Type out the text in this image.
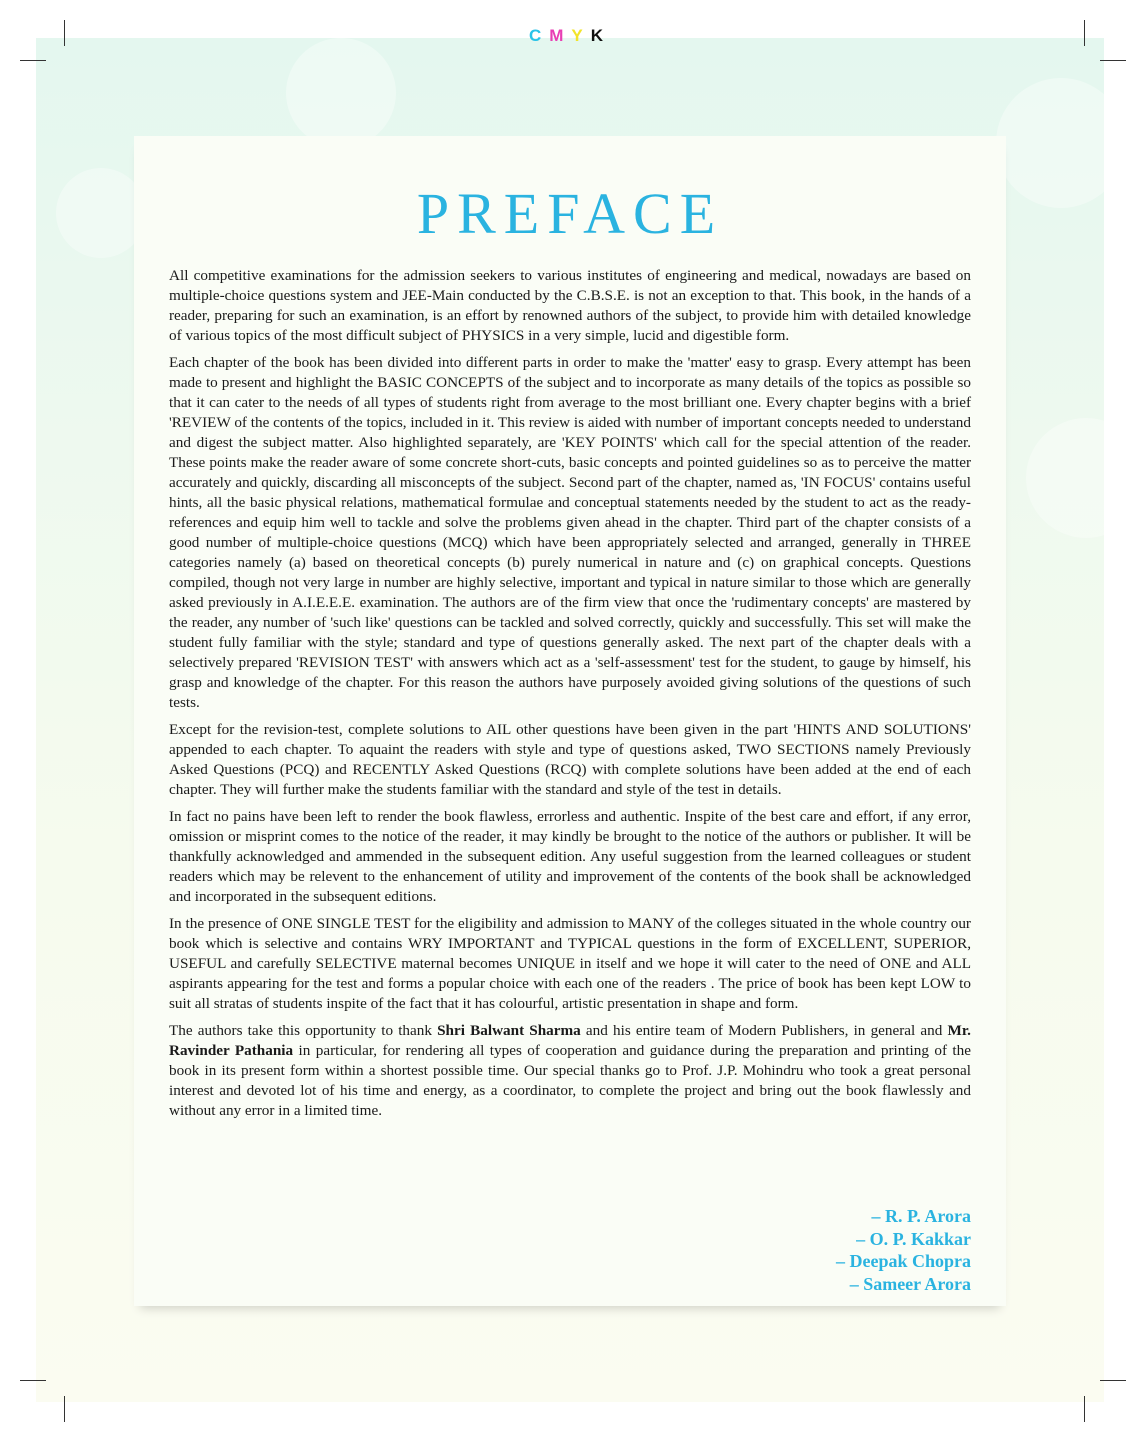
CMYK
PREFACE

All competitive examinations for the admission seekers to various institutes of engineering and medical, nowadays are based on multiple-choice questions system and JEE-Main conducted by the C.B.S.E. is not an exception to that. This book, in the hands of a reader, preparing for such an examination, is an effort by renowned authors of the subject, to provide him with detailed knowledge of various topics of the most difficult subject of PHYSICS in a very simple, lucid and digestible form.

Each chapter of the book has been divided into different parts in order to make the 'matter' easy to grasp. Every attempt has been made to present and highlight the BASIC CONCEPTS of the subject and to incorporate as many details of the topics as possible so that it can cater to the needs of all types of students right from average to the most brilliant one. Every chapter begins with a brief 'REVIEW of the contents of the topics, included in it. This review is aided with number of important concepts needed to understand and digest the subject matter. Also highlighted separately, are 'KEY POINTS' which call for the special attention of the reader. These points make the reader aware of some concrete short-cuts, basic concepts and pointed guidelines so as to perceive the matter accurately and quickly, discarding all misconcepts of the subject. Second part of the chapter, named as, 'IN FOCUS' contains useful hints, all the basic physical relations, mathematical formulae and conceptual statements needed by the student to act as the ready-references and equip him well to tackle and solve the problems given ahead in the chapter. Third part of the chapter consists of a good number of multiple-choice questions (MCQ) which have been appropriately selected and arranged, generally in THREE categories namely (a) based on theoretical concepts (b) purely numerical in nature and (c) on graphical concepts. Questions compiled, though not very large in number are highly selective, important and typical in nature similar to those which are generally asked previously in A.I.E.E.E. examination. The authors are of the firm view that once the 'rudimentary concepts' are mastered by the reader, any number of 'such like' questions can be tackled and solved correctly, quickly and successfully. This set will make the student fully familiar with the style; standard and type of questions generally asked. The next part of the chapter deals with a selectively prepared 'REVISION TEST' with answers which act as a 'self-assessment' test for the student, to gauge by himself, his grasp and knowledge of the chapter. For this reason the authors have purposely avoided giving solutions of the questions of such tests.

Except for the revision-test, complete solutions to AIL other questions have been given in the part 'HINTS AND SOLUTIONS' appended to each chapter. To aquaint the readers with style and type of questions asked, TWO SECTIONS namely Previously Asked Questions (PCQ) and RECENTLY Asked Questions (RCQ) with complete solutions have been added at the end of each chapter. They will further make the students familiar with the standard and style of the test in details.

In fact no pains have been left to render the book flawless, errorless and authentic. Inspite of the best care and effort, if any error, omission or misprint comes to the notice of the reader, it may kindly be brought to the notice of the authors or publisher. It will be thankfully acknowledged and ammended in the subsequent edition. Any useful suggestion from the learned colleagues or student readers which may be relevent to the enhancement of utility and improvement of the contents of the book shall be acknowledged and incorporated in the subsequent editions.

In the presence of ONE SINGLE TEST for the eligibility and admission to MANY of the colleges situated in the whole country our book which is selective and contains WRY IMPORTANT and TYPICAL questions in the form of EXCELLENT, SUPERIOR, USEFUL and carefully SELECTIVE maternal becomes UNIQUE in itself and we hope it will cater to the need of ONE and ALL aspirants appearing for the test and forms a popular choice with each one of the readers . The price of book has been kept LOW to suit all stratas of students inspite of the fact that it has colourful, artistic presentation in shape and form.

The authors take this opportunity to thank Shri Balwant Sharma and his entire team of Modern Publishers, in general and Mr. Ravinder Pathania in particular, for rendering all types of cooperation and guidance during the preparation and printing of the book in its present form within a shortest possible time. Our special thanks go to Prof. J.P. Mohindru who took a great personal interest and devoted lot of his time and energy, as a coordinator, to complete the project and bring out the book flawlessly and without any error in a limited time.

– R. P. Arora
– O. P. Kakkar
– Deepak Chopra
– Sameer Arora
